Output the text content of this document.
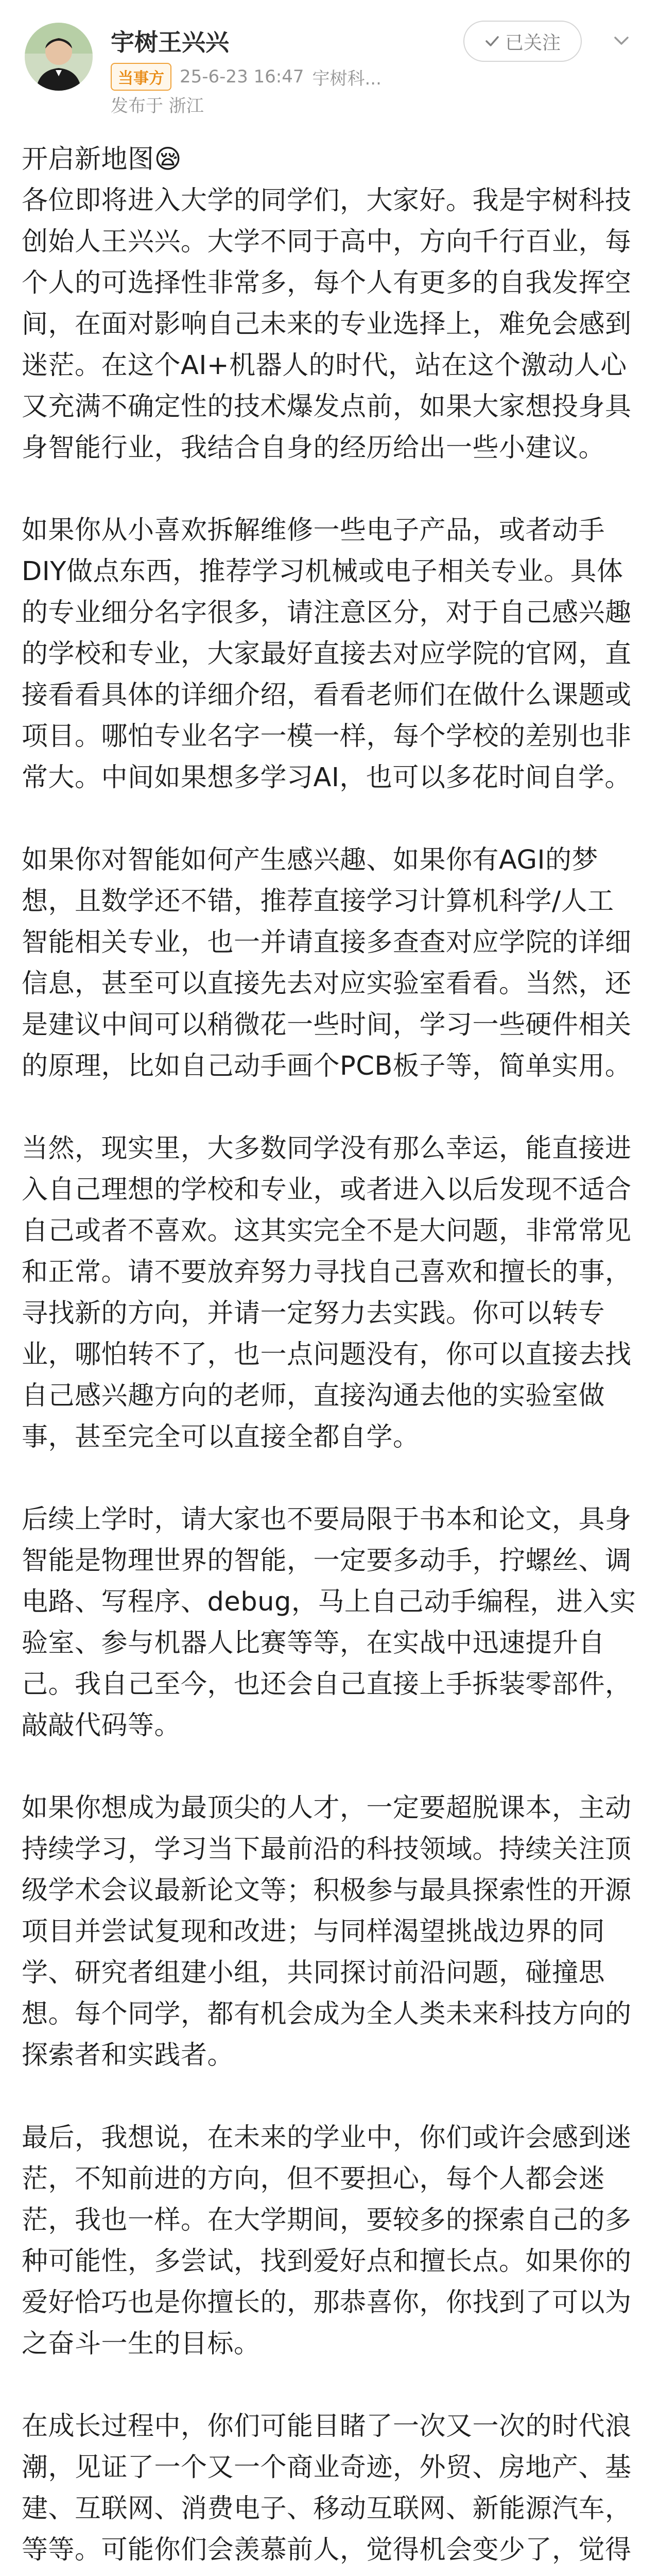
宇树王兴兴
当事方 25-6-23 16:47 宇树科...
发布于 浙江
已关注

开启新地图😪

各位即将进入大学的同学们，大家好。我是宇树科技创始人王兴兴。大学不同于高中，方向千行百业，每个人的可选择性非常多，每个人有更多的自我发挥空间，在面对影响自己未来的专业选择上，难免会感到迷茫。在这个AI+机器人的时代，站在这个激动人心又充满不确定性的技术爆发点前，如果大家想投身具身智能行业，我结合自身的经历给出一些小建议。

如果你从小喜欢拆解维修一些电子产品，或者动手DIY做点东西，推荐学习机械或电子相关专业。具体的专业细分名字很多，请注意区分，对于自己感兴趣的学校和专业，大家最好直接去对应学院的官网，直接看看具体的详细介绍，看看老师们在做什么课题或项目。哪怕专业名字一模一样，每个学校的差别也非常大。中间如果想多学习AI，也可以多花时间自学。

如果你对智能如何产生感兴趣、如果你有AGI的梦想，且数学还不错，推荐直接学习计算机科学/人工智能相关专业，也一并请直接多查查对应学院的详细信息，甚至可以直接先去对应实验室看看。当然，还是建议中间可以稍微花一些时间，学习一些硬件相关的原理，比如自己动手画个PCB板子等，简单实用。

当然，现实里，大多数同学没有那么幸运，能直接进入自己理想的学校和专业，或者进入以后发现不适合自己或者不喜欢。这其实完全不是大问题，非常常见和正常。请不要放弃努力寻找自己喜欢和擅长的事，寻找新的方向，并请一定努力去实践。你可以转专业，哪怕转不了，也一点问题没有，你可以直接去找自己感兴趣方向的老师，直接沟通去他的实验室做事，甚至完全可以直接全都自学。

后续上学时，请大家也不要局限于书本和论文，具身智能是物理世界的智能，一定要多动手，拧螺丝、调电路、写程序、debug，马上自己动手编程，进入实验室、参与机器人比赛等等，在实战中迅速提升自己。我自己至今，也还会自己直接上手拆装零部件，敲敲代码等。

如果你想成为最顶尖的人才，一定要超脱课本，主动持续学习，学习当下最前沿的科技领域。持续关注顶级学术会议最新论文等；积极参与最具探索性的开源项目并尝试复现和改进；与同样渴望挑战边界的同学、研究者组建小组，共同探讨前沿问题，碰撞思想。每个同学，都有机会成为全人类未来科技方向的探索者和实践者。

最后，我想说，在未来的学业中，你们或许会感到迷茫，不知前进的方向，但不要担心，每个人都会迷茫，我也一样。在大学期间，要较多的探索自己的多种可能性，多尝试，找到爱好点和擅长点。如果你的爱好恰巧也是你擅长的，那恭喜你，你找到了可以为之奋斗一生的目标。

在成长过程中，你们可能目睹了一次又一次的时代浪潮，见证了一个又一个商业奇迹，外贸、房地产、基建、互联网、消费电子、移动互联网、新能源汽车，等等。可能你们会羡慕前人，觉得机会变少了，觉得
